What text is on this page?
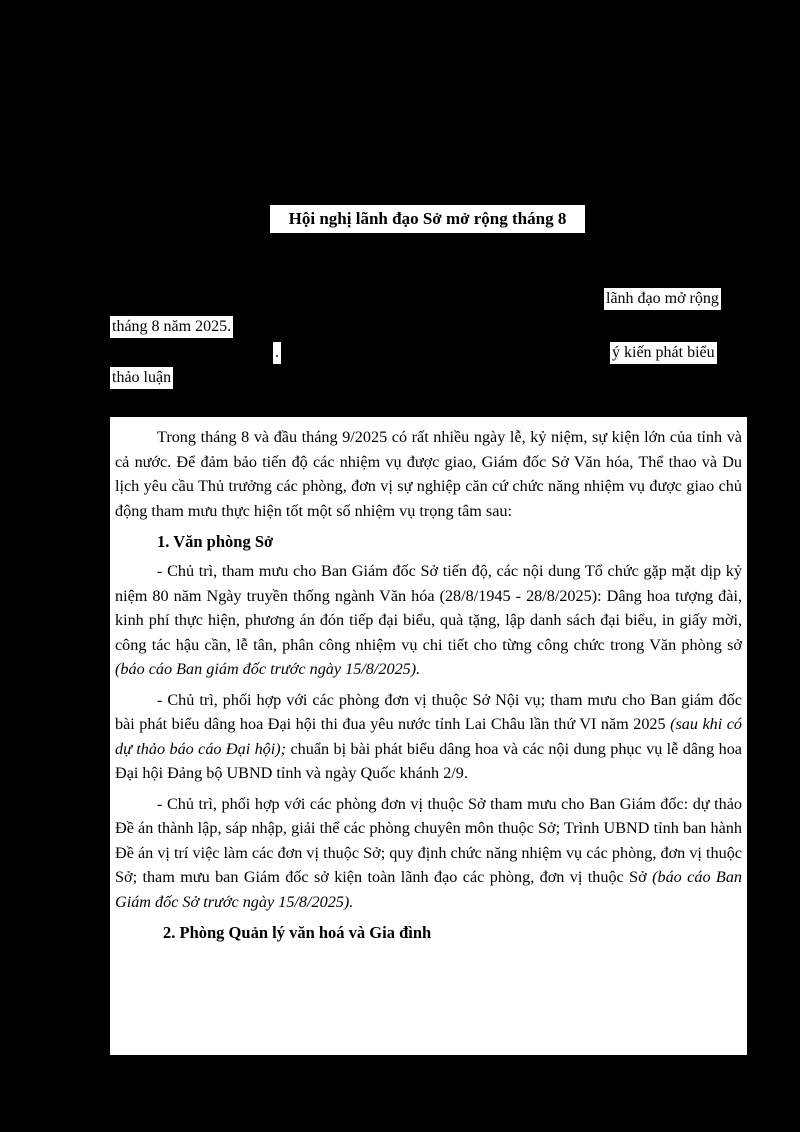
Hội nghị lãnh đạo Sở mở rộng tháng 8
lãnh đạo mở rộng
tháng 8 năm 2025.
.	ý kiến phát biểu
thảo luận

Trong tháng 8 và đầu tháng 9/2025 có rất nhiều ngày lễ, kỷ niệm, sự kiện lớn của tỉnh và cả nước. Để đảm bảo tiến độ các nhiệm vụ được giao, Giám đốc Sở Văn hóa, Thể thao và Du lịch yêu cầu Thủ trưởng các phòng, đơn vị sự nghiệp căn cứ chức năng nhiệm vụ được giao chủ động tham mưu thực hiện tốt một số nhiệm vụ trọng tâm sau:

1. Văn phòng Sở

- Chủ trì, tham mưu cho Ban Giám đốc Sở tiến độ, các nội dung Tổ chức gặp mặt dịp kỷ niệm 80 năm Ngày truyền thống ngành Văn hóa (28/8/1945 - 28/8/2025): Dâng hoa tượng đài, kinh phí thực hiện, phương án đón tiếp đại biểu, quà tặng, lập danh sách đại biểu, in giấy mời, công tác hậu cần, lễ tân, phân công nhiệm vụ chi tiết cho từng công chức trong Văn phòng sở (báo cáo Ban giám đốc trước ngày 15/8/2025).

- Chủ trì, phối hợp với các phòng đơn vị thuộc Sở Nội vụ; tham mưu cho Ban giám đốc bài phát biểu dâng hoa Đại hội thi đua yêu nước tỉnh Lai Châu lần thứ VI năm 2025 (sau khi có dự thảo báo cáo Đại hội); chuẩn bị bài phát biểu dâng hoa và các nội dung phục vụ lễ dâng hoa Đại hội Đảng bộ UBND tỉnh và ngày Quốc khánh 2/9.

- Chủ trì, phối hợp với các phòng đơn vị thuộc Sở tham mưu cho Ban Giám đốc: dự thảo Đề án thành lập, sáp nhập, giải thể các phòng chuyên môn thuộc Sở; Trình UBND tỉnh ban hành Đề án vị trí việc làm các đơn vị thuộc Sở; quy định chức năng nhiệm vụ các phòng, đơn vị thuộc Sở; tham mưu ban Giám đốc sở kiện toàn lãnh đạo các phòng, đơn vị thuộc Sở (báo cáo Ban Giám đốc Sở trước ngày 15/8/2025).

2. Phòng Quản lý văn hoá và Gia đình
